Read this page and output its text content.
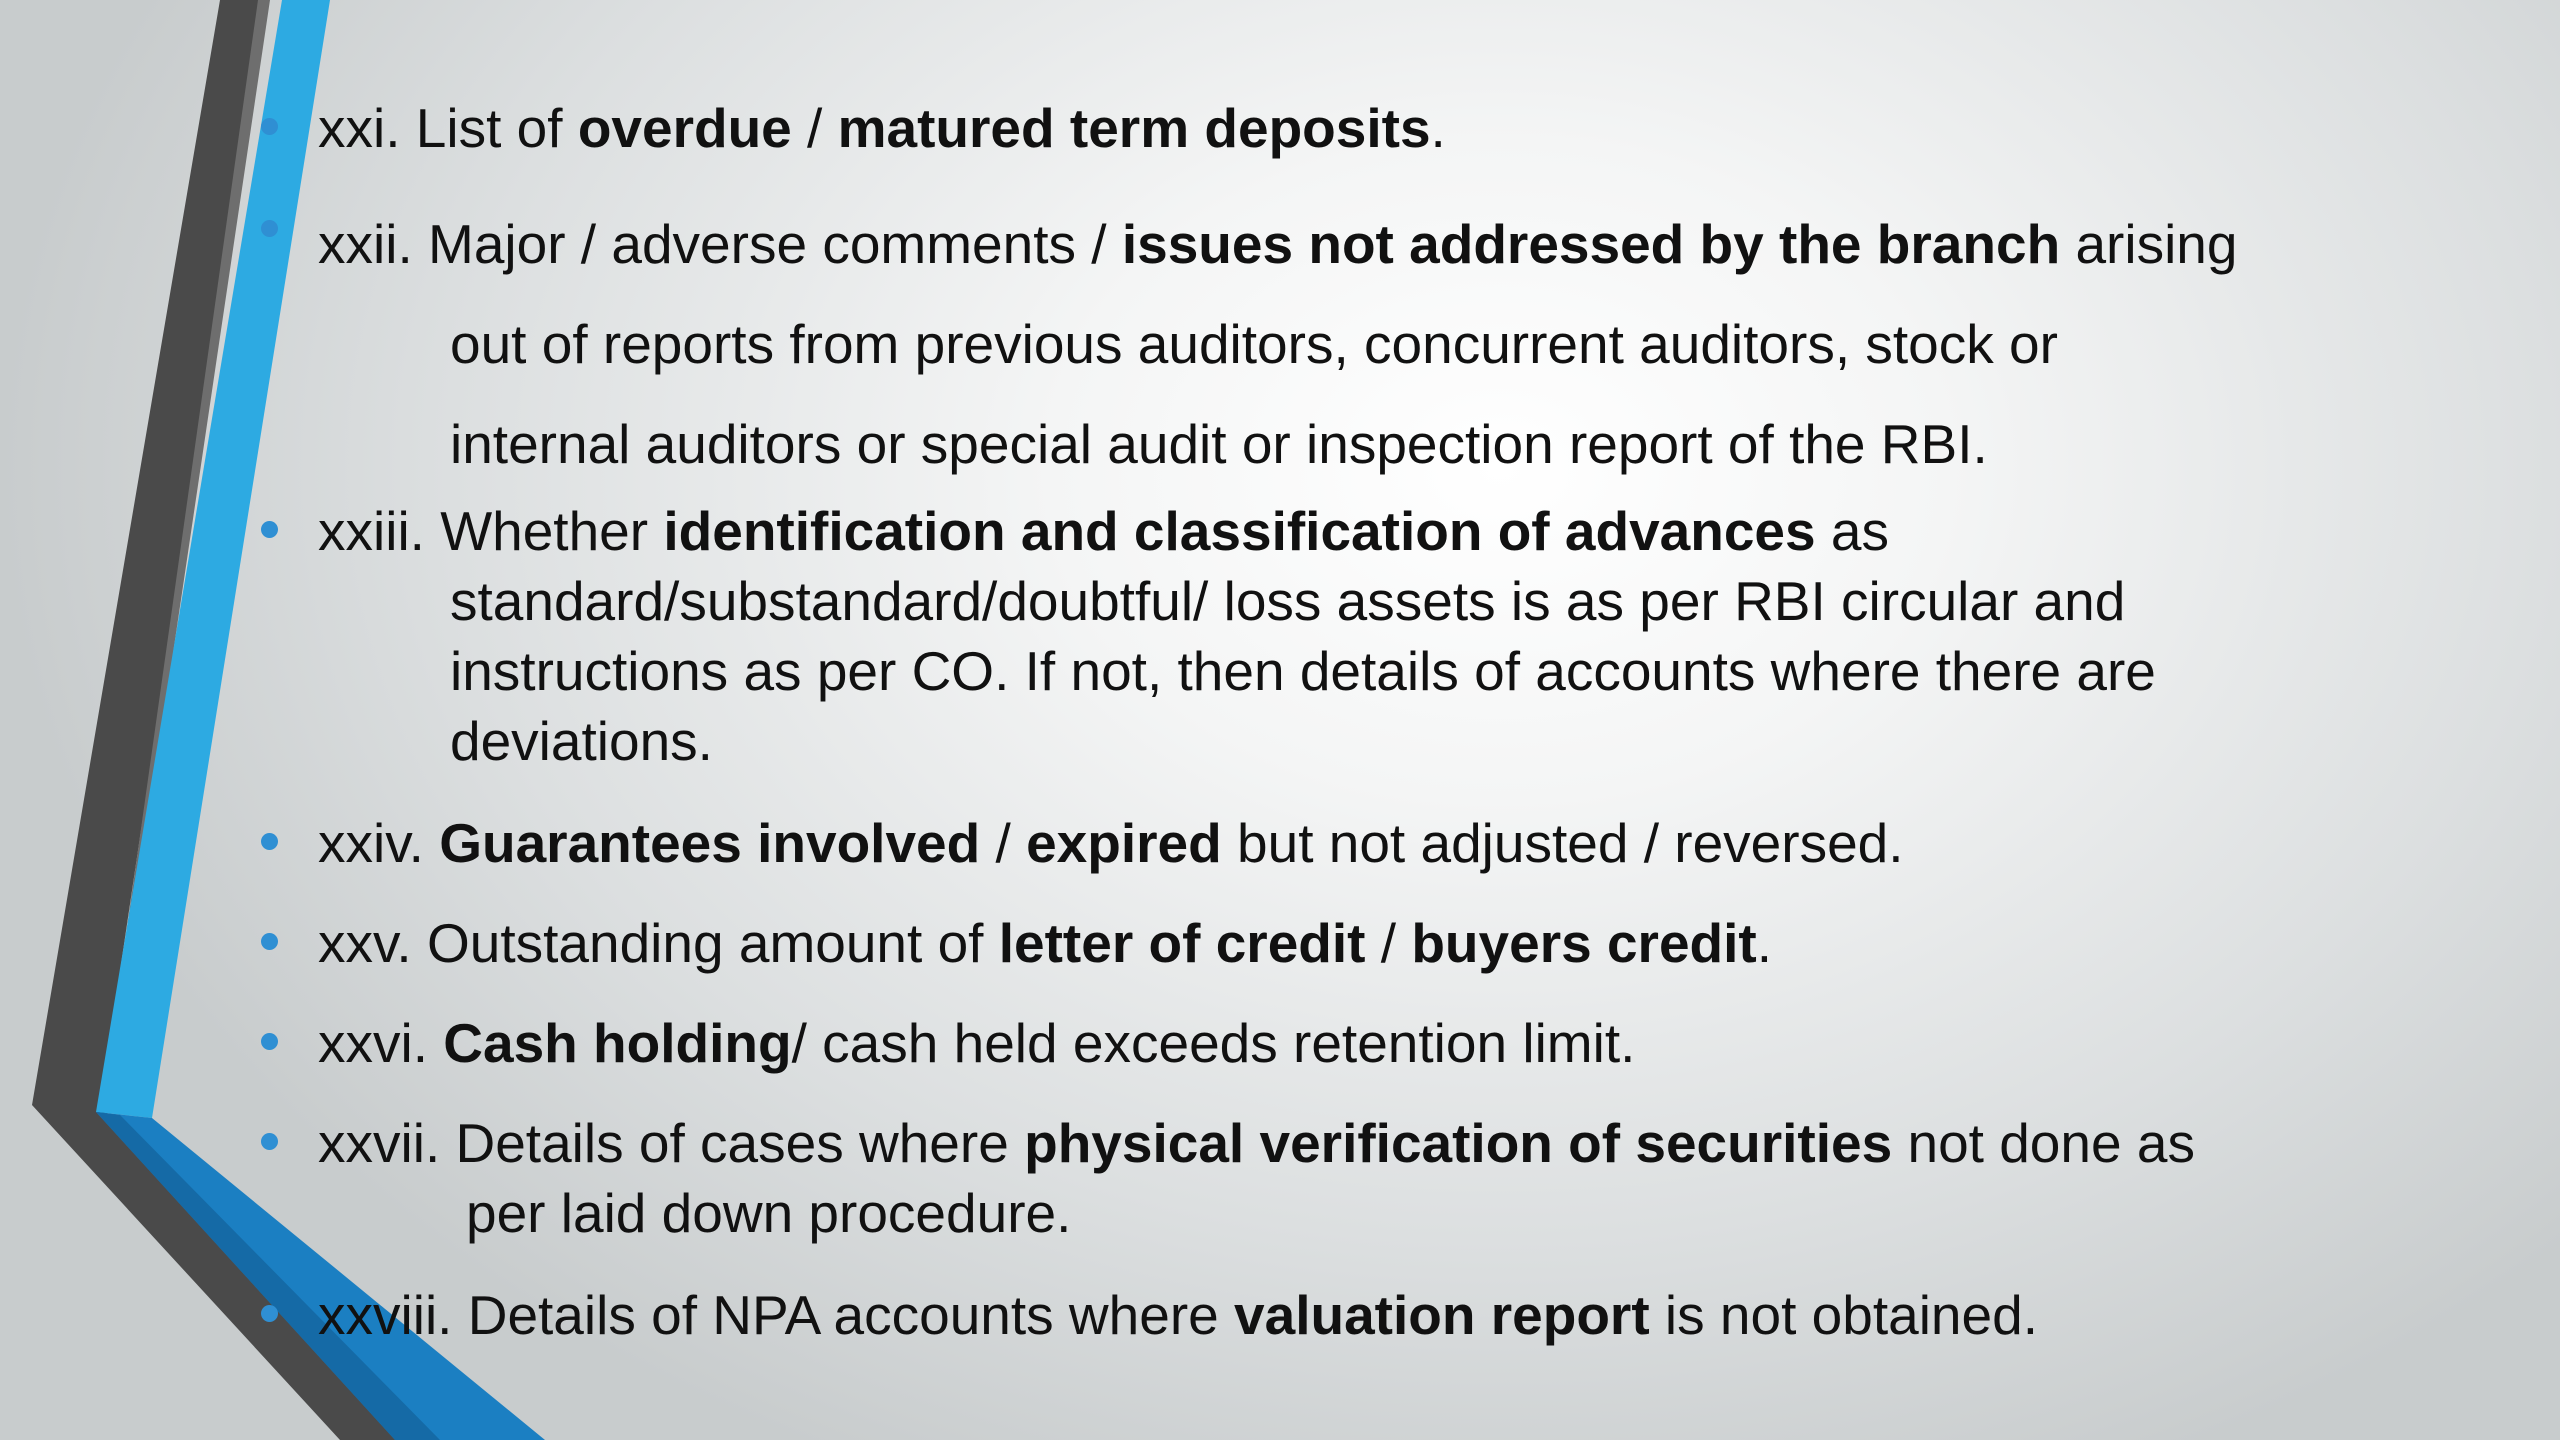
xxi. List of overdue / matured term deposits.
xxii. Major / adverse comments / issues not addressed by the branch arising
out of reports from previous auditors, concurrent auditors, stock or
internal auditors or special audit or inspection report of the RBI.
xxiii. Whether identification and classification of advances as
standard/substandard/doubtful/ loss assets is as per RBI circular and
instructions as per CO. If not, then details of accounts where there are
deviations.
xxiv. Guarantees involved / expired but not adjusted / reversed.
xxv. Outstanding amount of letter of credit / buyers credit.
xxvi. Cash holding/ cash held exceeds retention limit.
xxvii. Details of cases where physical verification of securities not done as
per laid down procedure.
xxviii. Details of NPA accounts where valuation report is not obtained.
